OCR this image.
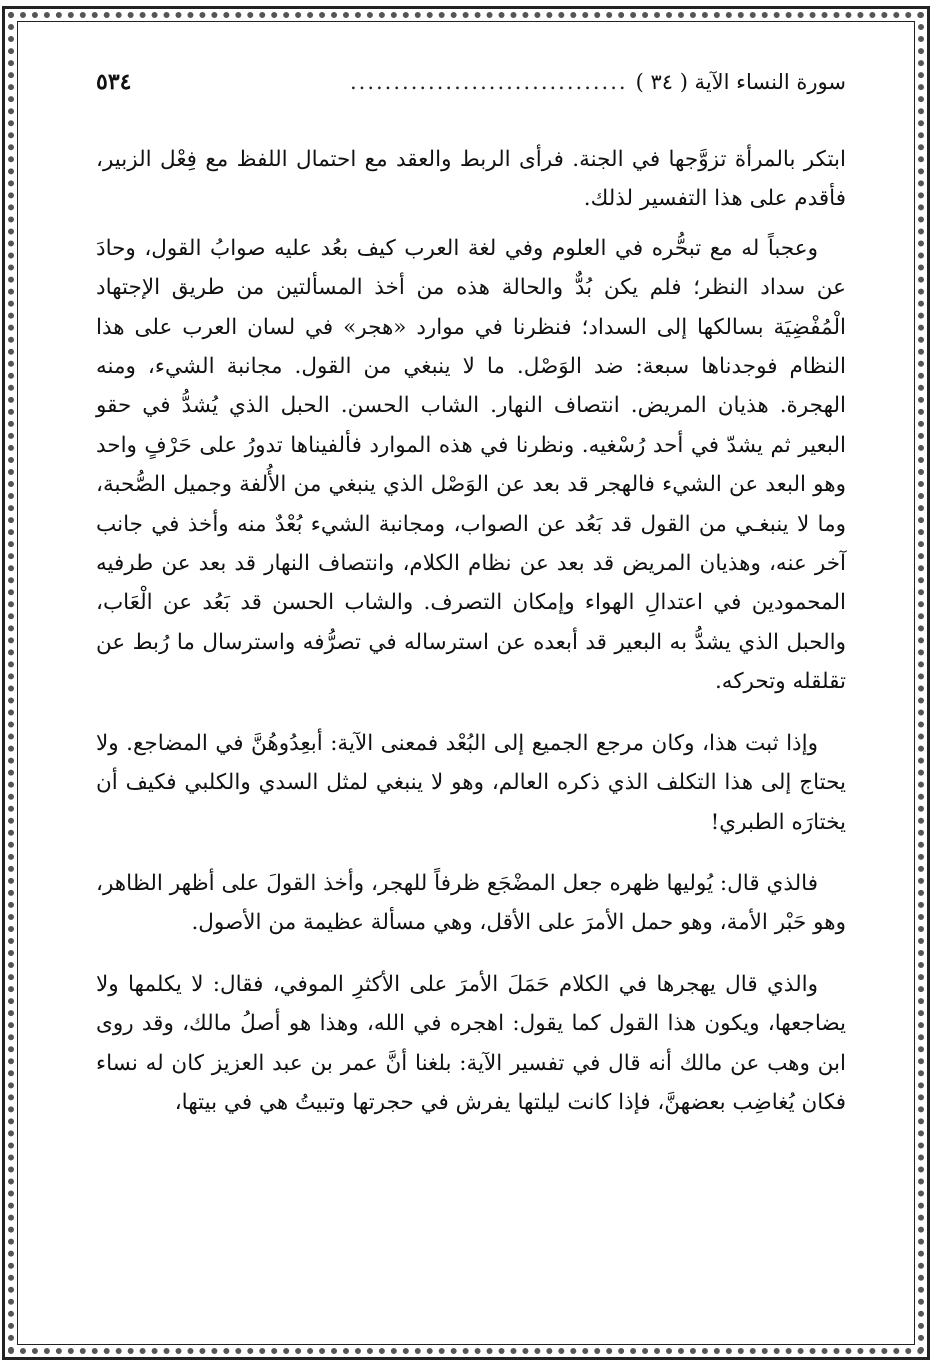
٥٣٤	سورة النساء الآية ( ٣٤ )
................................

ابتكر بالمرأة تزوَّجها في الجنة. فرأى الربط والعقد مع احتمال اللفظ مع فِعْل الزبير، فأقدم على هذا التفسير لذلك.

وعجباً له مع تبحُّره في العلوم وفي لغة العرب كيف بعُد عليه صوابُ القول، وحادَ عن سداد النظر؛ فلم يكن بُدٌّ والحالة هذه من أخذ المسألتين من طريق الإجتهاد الْمُفْضِيَة بسالكها إلى السداد؛ فنظرنا في موارد «هجر» في لسان العرب على هذا النظام فوجدناها سبعة: ضد الوَصْل. ما لا ينبغي من القول. مجانبة الشيء، ومنه الهجرة. هذيان المريض. انتصاف النهار. الشاب الحسن. الحبل الذي يُشدُّ في حقو البعير ثم يشدّ في أحد رُسْغيه. ونظرنا في هذه الموارد فألفيناها تدورُ على حَرْفٍ واحد وهو البعد عن الشيء فالهجر قد بعد عن الوَصْل الذي ينبغي من الأُلفة وجميل الصُّحبة، وما لا ينبغـي من القول قد بَعُد عن الصواب، ومجانبة الشيء بُعْدٌ منه وأخذ في جانب آخر عنه، وهذيان المريض قد بعد عن نظام الكلام، وانتصاف النهار قد بعد عن طرفيه المحمودين في اعتدالِ الهواء وإمكان التصرف. والشاب الحسن قد بَعُد عن الْعَاب، والحبل الذي يشدُّ به البعير قد أبعده عن استرساله في تصرُّفه واسترسال ما رُبط عن تقلقله وتحركه.

وإذا ثبت هذا، وكان مرجع الجميع إلى البُعْد فمعنى الآية: أبعِدُوهُنَّ في المضاجع. ولا يحتاج إلى هذا التكلف الذي ذكره العالم، وهو لا ينبغي لمثل السدي والكلبي فكيف أن يختارَه الطبري!

فالذي قال: يُوليها ظهره جعل المضْجَع ظرفاً للهجر، وأخذ القولَ على أظهر الظاهر، وهو حَبْر الأمة، وهو حمل الأمرَ على الأقل، وهي مسألة عظيمة من الأصول.

والذي قال يهجرها في الكلام حَمَلَ الأمرَ على الأكثرِ الموفي، فقال: لا يكلمها ولا يضاجعها، ويكون هذا القول كما يقول: اهجره في الله، وهذا هو أصلُ مالك، وقد روى ابن وهب عن مالك أنه قال في تفسير الآية: بلغنا أنَّ عمر بن عبد العزيز كان له نساء فكان يُغاضِب بعضهنَّ، فإذا كانت ليلتها يفرش في حجرتها وتبيتُ هي في بيتها،
